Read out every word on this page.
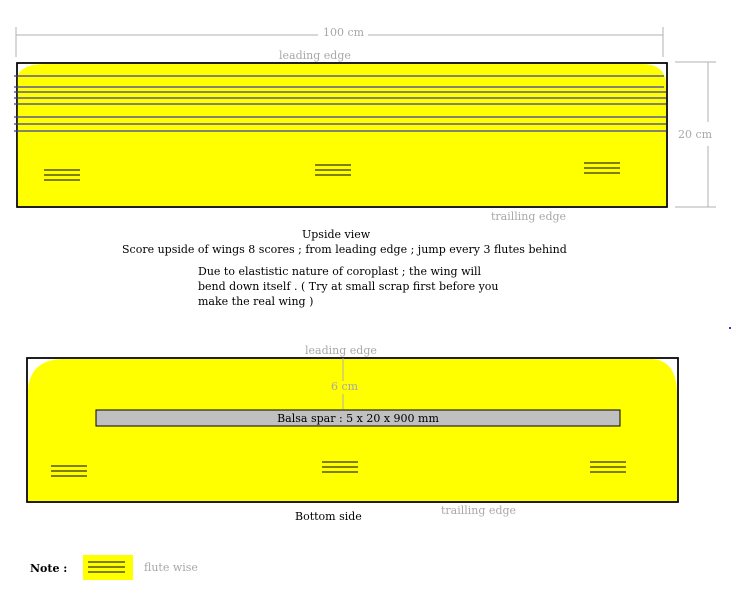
100 cm
20 cm
leading edge
trailling edge
Upside view
Score upside of wings 8 scores ; from leading edge ; jump every 3 flutes behind
Due to elastistic nature of coroplast ; the wing will
bend down itself . ( Try at small scrap first before you
make the real wing )
leading edge
6 cm
Balsa spar : 5 x 20 x 900 mm
trailling edge
Bottom side
Note :	flute wise
